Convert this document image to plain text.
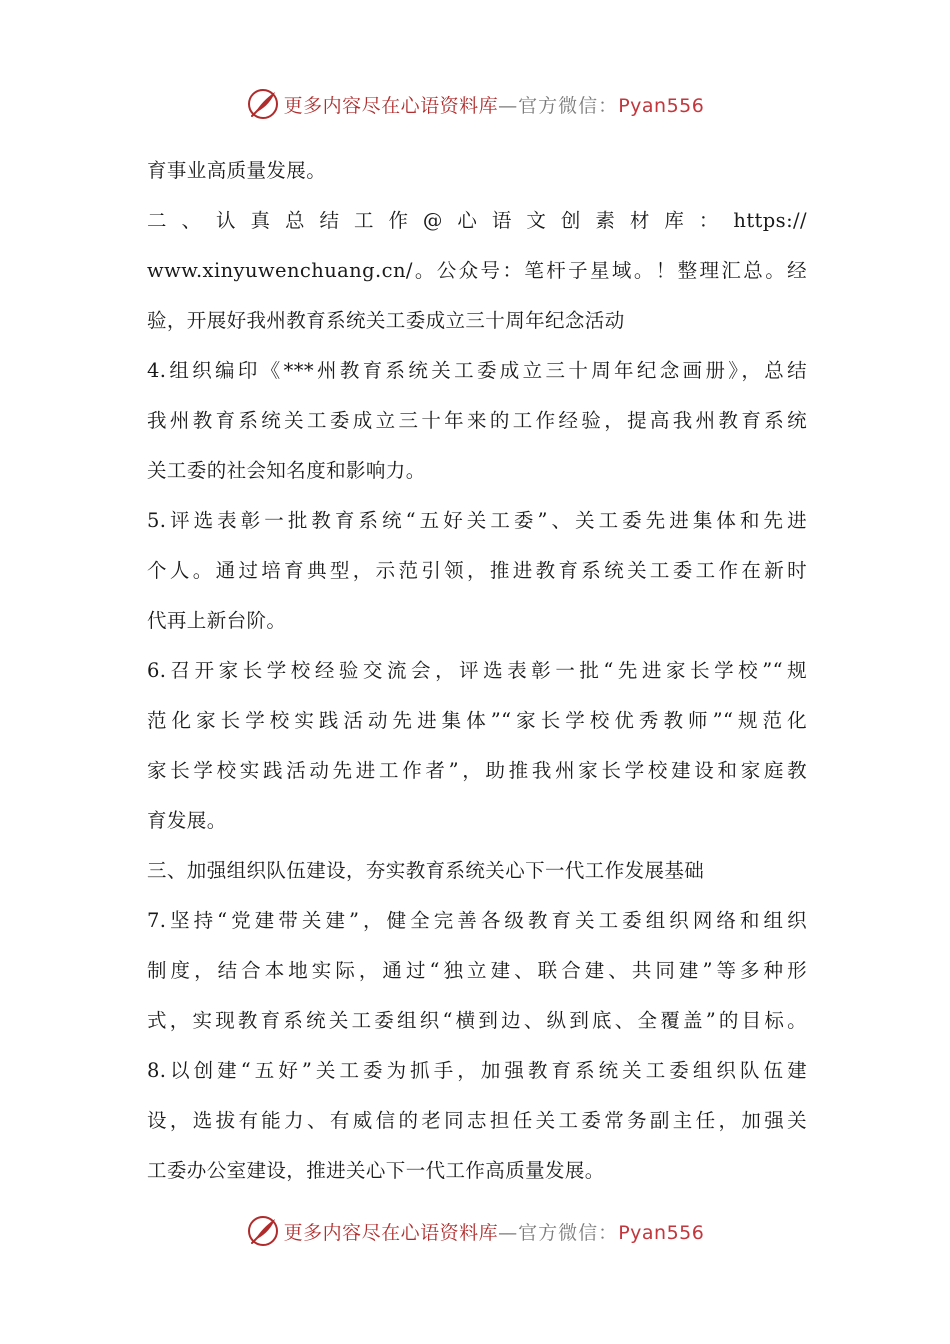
更多内容尽在心语资料库—官方微信：Pyan556
育事业高质量发展。
二、认真总结工作@心语文创素材库：https://
www.xinyuwenchuang.cn/。公众号：笔杆子星域。！整理汇总。经
验，开展好我州教育系统关工委成立三十周年纪念活动
4.组织编印《***州教育系统关工委成立三十周年纪念画册》，总结
我州教育系统关工委成立三十年来的工作经验，提高我州教育系统
关工委的社会知名度和影响力。
5.评选表彰一批教育系统“五好关工委”、关工委先进集体和先进
个人。通过培育典型，示范引领，推进教育系统关工委工作在新时
代再上新台阶。
6.召开家长学校经验交流会，评选表彰一批“先进家长学校”“规
范化家长学校实践活动先进集体”“家长学校优秀教师”“规范化
家长学校实践活动先进工作者”，助推我州家长学校建设和家庭教
育发展。
三、加强组织队伍建设，夯实教育系统关心下一代工作发展基础
7.坚持“党建带关建”，健全完善各级教育关工委组织网络和组织
制度，结合本地实际，通过“独立建、联合建、共同建”等多种形
式，实现教育系统关工委组织“横到边、纵到底、全覆盖”的目标。
8.以创建“五好”关工委为抓手，加强教育系统关工委组织队伍建
设，选拔有能力、有威信的老同志担任关工委常务副主任，加强关
工委办公室建设，推进关心下一代工作高质量发展。
更多内容尽在心语资料库—官方微信：Pyan556
